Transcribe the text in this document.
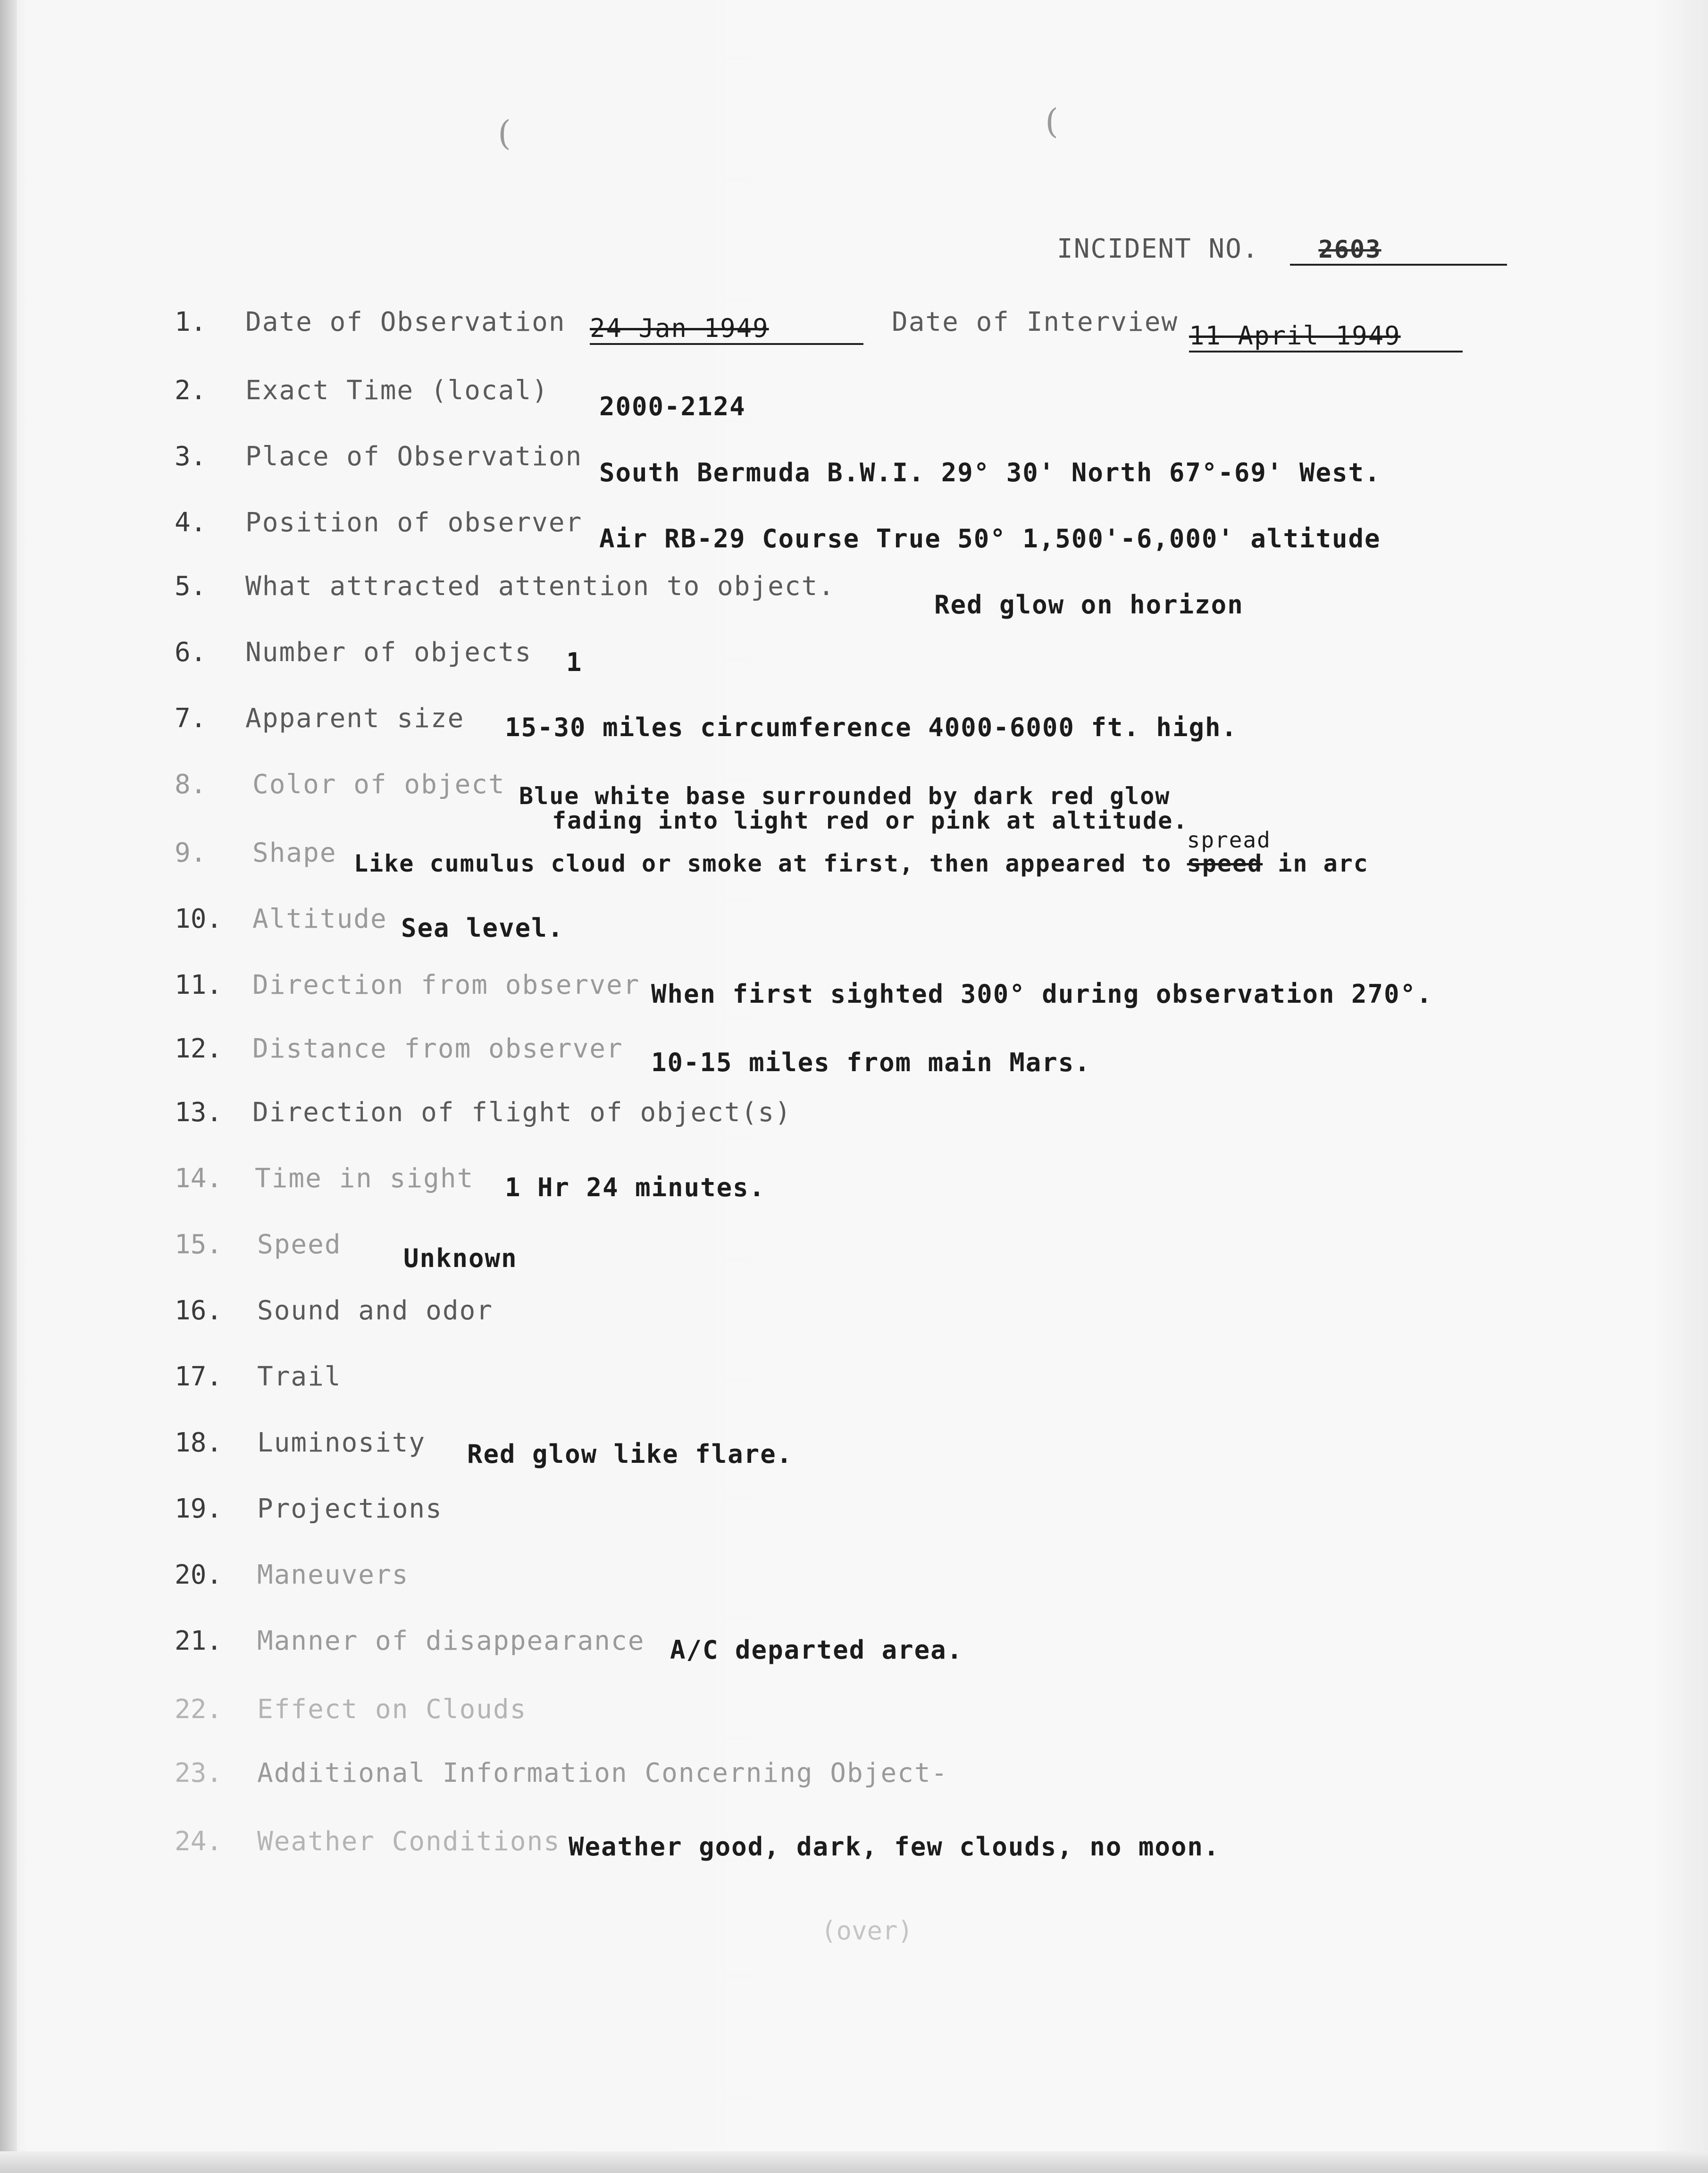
(	(
INCIDENT NO. 2603
1. Date of Observation 24 Jan 1949	Date of Interview 11 April 1949
2. Exact Time (local)
2000-2124
3. Place of Observation
South Bermuda B.W.I. 29° 30' North 67°-69' West.
4. Position of observer
Air RB-29 Course True 50° 1,500'-6,000' altitude
5. What attracted attention to object.
Red glow on horizon
6. Number of objects 1
7. Apparent size 15-30 miles circumference 4000-6000 ft. high.
8. Color of object Blue white base surrounded by dark red glow
fading into light red or pink at altitude.
9. Shape Like cumulus cloud or smoke at first, then appeared to
spread
speed in arc
10. Altitude Sea level.
11. Direction from observer When first sighted 300° during observation 270°.
12. Distance from observer 10-15 miles from main Mars.
13. Direction of flight of object(s)
14. Time in sight 1 Hr 24 minutes.
15. Speed Unknown
16. Sound and odor
17. Trail
18. Luminosity Red glow like flare.
19. Projections
20. Maneuvers
21. Manner of disappearance A/C departed area.
22. Effect on Clouds
23. Additional Information Concerning Object-
24. Weather Conditions Weather good, dark, few clouds, no moon.
(over)
